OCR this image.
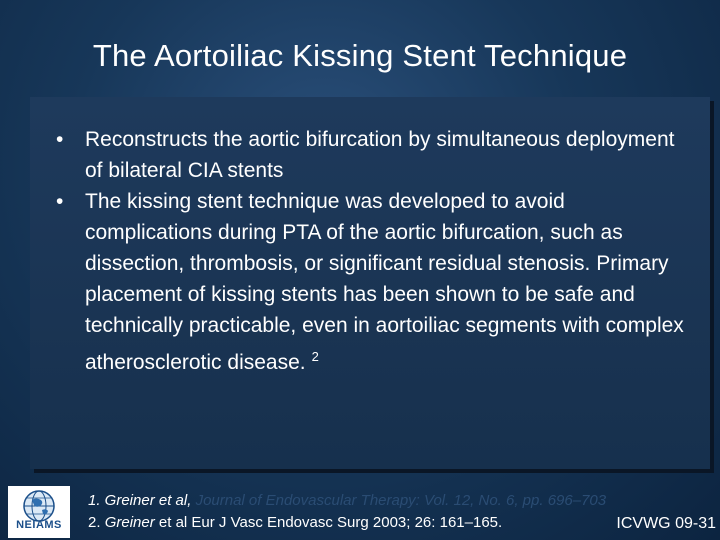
The Aortoiliac Kissing Stent Technique
• Reconstructs the aortic bifurcation by simultaneous deployment of bilateral CIA stents
• The kissing stent technique was developed to avoid complications during PTA of the aortic bifurcation, such as dissection, thrombosis, or significant residual stenosis. Primary placement of kissing stents has been shown to be safe and technically practicable, even in aortoiliac segments with complex atherosclerotic disease. $^2$
NEIAMS
1. Greiner et al, Journal of Endovascular Therapy: Vol. 12, No. 6, pp. 696–703
2. Greiner et al Eur J Vasc Endovasc Surg 2003; 26: 161–165.	ICVWG 09-31
